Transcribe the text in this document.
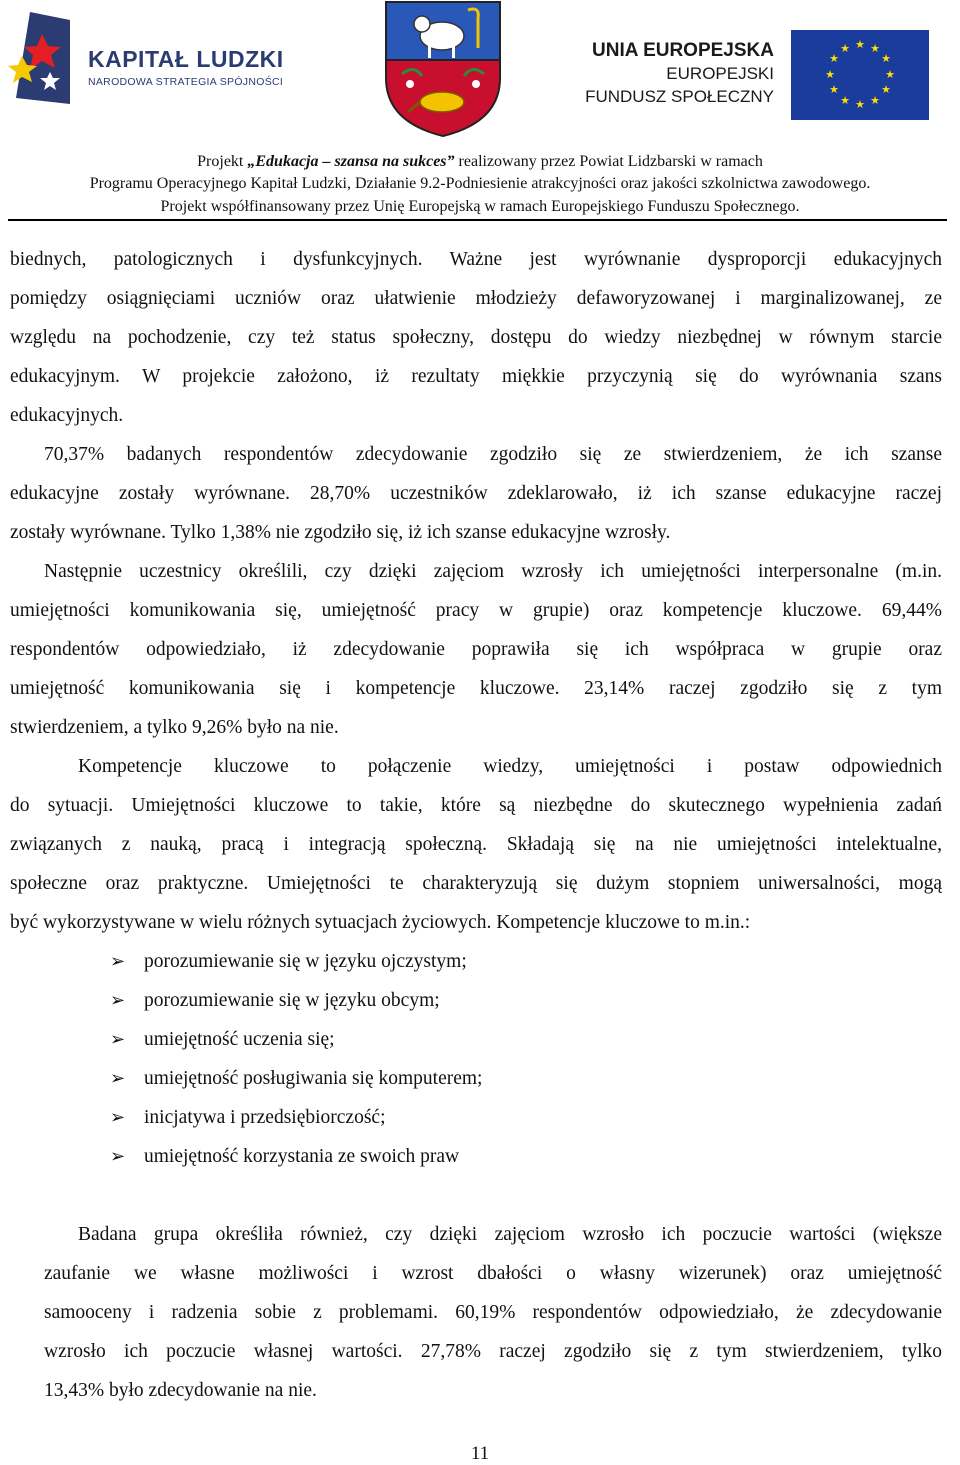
KAPITAŁ LUDZKI
NARODOWA STRATEGIA SPÓJNOŚCI
UNIA EUROPEJSKA
EUROPEJSKI
FUNDUSZ SPOŁECZNY
★ ★
★
★
★
★
★
★
★
★
★
★
Projekt „Edukacja – szansa na sukces” realizowany przez Powiat Lidzbarski w ramach
Programu Operacyjnego Kapitał Ludzki, Działanie 9.2-Podniesienie atrakcyjności oraz jakości szkolnictwa zawodowego.
Projekt współfinansowany przez Unię Europejską w ramach Europejskiego Funduszu Społecznego.
biednych, patologicznych i dysfunkcyjnych. Ważne jest wyrównanie dysproporcji edukacyjnych
pomiędzy osiągnięciami uczniów oraz ułatwienie młodzieży defaworyzowanej i marginalizowanej, ze
względu na pochodzenie, czy też status społeczny, dostępu do wiedzy niezbędnej w równym starcie
edukacyjnym. W projekcie założono, iż rezultaty miękkie przyczynią się do wyrównania szans
edukacyjnych.
70,37% badanych respondentów zdecydowanie zgodziło się ze stwierdzeniem, że ich szanse
edukacyjne zostały wyrównane. 28,70% uczestników zdeklarowało, iż ich szanse edukacyjne raczej
zostały wyrównane. Tylko 1,38% nie zgodziło się, iż ich szanse edukacyjne wzrosły.
Następnie uczestnicy określili, czy dzięki zajęciom wzrosły ich umiejętności interpersonalne (m.in.
umiejętności komunikowania się, umiejętność pracy w grupie) oraz kompetencje kluczowe. 69,44%
respondentów odpowiedziało, iż zdecydowanie poprawiła się ich współpraca w grupie oraz
umiejętność komunikowania się i kompetencje kluczowe. 23,14% raczej zgodziło się z tym
stwierdzeniem, a tylko 9,26% było na nie.
Kompetencje kluczowe to połączenie wiedzy, umiejętności i postaw odpowiednich
do sytuacji. Umiejętności kluczowe to takie, które są niezbędne do skutecznego wypełnienia zadań
związanych z nauką, pracą i integracją społeczną. Składają się na nie umiejętności intelektualne,
społeczne oraz praktyczne. Umiejętności te charakteryzują się dużym stopniem uniwersalności, mogą
być wykorzystywane w wielu różnych sytuacjach życiowych. Kompetencje kluczowe to m.in.:
➢ porozumiewanie się w języku ojczystym;
➢ porozumiewanie się w języku obcym;
➢ umiejętność uczenia się;
➢ umiejętność posługiwania się komputerem;
➢ inicjatywa i przedsiębiorczość;
➢ umiejętność korzystania ze swoich praw
Badana grupa określiła również, czy dzięki zajęciom wzrosło ich poczucie wartości (większe
zaufanie we własne możliwości i wzrost dbałości o własny wizerunek) oraz umiejętność
samooceny i radzenia sobie z problemami. 60,19% respondentów odpowiedziało, że zdecydowanie
wzrosło ich poczucie własnej wartości. 27,78% raczej zgodziło się z tym stwierdzeniem, tylko
13,43% było zdecydowanie na nie.
11
